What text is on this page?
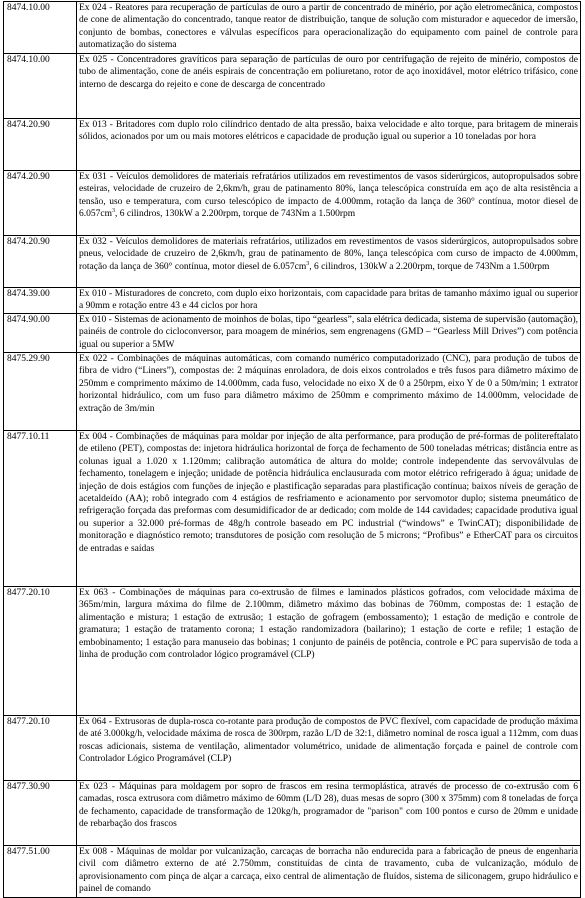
8474.10.00	Ex 024 - Reatores para recuperação de partículas de ouro a partir de concentrado de minério, por ação eletromecânica, compostos de cone de alimentação do concentrado, tanque reator de distribuição, tanque de solução com misturador e aquecedor de imersão, conjunto de bombas, conectores e válvulas específicos para operacionalização do equipamento com painel de controle para automatização do sistema
8474.10.00	Ex 025 - Concentradores gravíticos para separação de partículas de ouro por centrifugação de rejeito de minério, compostos de tubo de alimentação, cone de anéis espirais de concentração em poliuretano, rotor de aço inoxidável, motor elétrico trifásico, cone interno de descarga do rejeito e cone de descarga de concentrado
8474.20.90	Ex 013 - Britadores com duplo rolo cilíndrico dentado de alta pressão, baixa velocidade e alto torque, para britagem de minerais sólidos, acionados por um ou mais motores elétricos e capacidade de produção igual ou superior a 10 toneladas por hora
8474.20.90	Ex 031 - Veículos demolidores de materiais refratários utilizados em revestimentos de vasos siderúrgicos, autopropulsados sobre esteiras, velocidade de cruzeiro de 2,6km/h, grau de patinamento 80%, lança telescópica construída em aço de alta resistência a tensão, uso e temperatura, com curso telescópico de impacto de 4.000mm, rotação da lança de 360° contínua, motor diesel de $6.057cm^3$, 6 cilindros, 130kW a 2.200rpm, torque de 743Nm a 1.500rpm
8474.20.90	Ex 032 - Veículos demolidores de materiais refratários, utilizados em revestimentos de vasos siderúrgicos, autopropulsados sobre pneus, velocidade de cruzeiro de 2,6km/h, grau de patinamento de 80%, lança telescópica com curso de impacto de 4.000mm, rotação da lança de 360° contínua, motor diesel de $6.057cm^3$, 6 cilindros, 130kW a 2.200rpm, torque de 743Nm a 1.500rpm
8474.39.00	Ex 010 - Misturadores de concreto, com duplo eixo horizontais, com capacidade para britas de tamanho máximo igual ou superior a 90mm e rotação entre 43 e 44 ciclos por hora
8474.90.00	Ex 010 - Sistemas de acionamento de moinhos de bolas, tipo “gearless”, sala elétrica dedicada, sistema de supervisão (automação), painéis de controle do cicloconversor, para moagem de minérios, sem engrenagens (GMD – “Gearless Mill Drives”) com potência igual ou superior a 5MW
8475.29.90	Ex 022 - Combinações de máquinas automáticas, com comando numérico computadorizado (CNC), para produção de tubos de fibra de vidro (“Liners”), compostas de: 2 máquinas enroladora, de dois eixos controlados e três fusos para diâmetro máximo de 250mm e comprimento máximo de 14.000mm, cada fuso, velocidade no eixo X de 0 a 250rpm, eixo Y de 0 a 50m/min; 1 extrator horizontal hidráulico, com um fuso para diâmetro máximo de 250mm e comprimento máximo de 14.000mm, velocidade de extração de 3m/min
8477.10.11	Ex 004 - Combinações de máquinas para moldar por injeção de alta performance, para produção de pré-formas de politereftalato de etileno (PET), compostas de: injetora hidráulica horizontal de força de fechamento de 500 toneladas métricas; distância entre as colunas igual a 1.020 x 1.120mm; calibração automática de altura do molde; controle independente das servoválvulas de fechamento, tonelagem e injeção; unidade de potência hidráulica enclausurada com motor elétrico refrigerado à água; unidade de injeção de dois estágios com funções de injeção e plastificação separadas para plastificação contínua; baixos níveis de geração de acetaldeído (AA); robô integrado com 4 estágios de resfriamento e acionamento por servomotor duplo; sistema pneumático de refrigeração forçada das preformas com desumidificador de ar dedicado; com molde de 144 cavidades; capacidade produtiva igual ou superior a 32.000 pré-formas de 48g/h controle baseado em PC industrial (“windows” e TwinCAT); disponibilidade de monitoração e diagnóstico remoto; transdutores de posição com resolução de 5 microns; “Profibus” e EtherCAT para os circuitos de entradas e saídas
8477.20.10	Ex 063 - Combinações de máquinas para co-extrusão de filmes e laminados plásticos gofrados, com velocidade máxima de 365m/min, largura máxima do filme de 2.100mm, diâmetro máximo das bobinas de 760mm, compostas de: 1 estação de alimentação e mistura; 1 estação de extrusão; 1 estação de gofragem (embossamento); 1 estação de medição e controle de gramatura; 1 estação de tratamento corona; 1 estação randomizadora (bailarino); 1 estação de corte e refile; 1 estação de embobinamento; 1 estação para manuseio das bobinas; 1 conjunto de painéis de potência, controle e PC para supervisão de toda a linha de produção com controlador lógico programável (CLP)
8477.20.10	Ex 064 - Extrusoras de dupla-rosca co-rotante para produção de compostos de PVC flexível, com capacidade de produção máxima de até 3.000kg/h, velocidade máxima de rosca de 300rpm, razão L/D de 32:1, diâmetro nominal de rosca igual a 112mm, com duas roscas adicionais, sistema de ventilação, alimentador volumétrico, unidade de alimentação forçada e painel de controle com Controlador Lógico Programável (CLP)
8477.30.90	Ex 023 - Máquinas para moldagem por sopro de frascos em resina termoplástica, através de processo de co-extrusão com 6 camadas, rosca extrusora com diâmetro máximo de 60mm (L/D 28), duas mesas de sopro (300 x 375mm) com 8 toneladas de força de fechamento, capacidade de transformação de 120kg/h, programador de "parison" com 100 pontos e curso de 20mm e unidade de rebarbação dos frascos
8477.51.00	Ex 008 - Máquinas de moldar por vulcanização, carcaças de borracha não endurecida para a fabricação de pneus de engenharia civil com diâmetro externo de até 2.750mm, constituídas de cinta de travamento, cuba de vulcanização, módulo de aprovisionamento com pinça de alçar a carcaça, eixo central de alimentação de fluídos, sistema de siliconagem, grupo hidráulico e painel de comando
